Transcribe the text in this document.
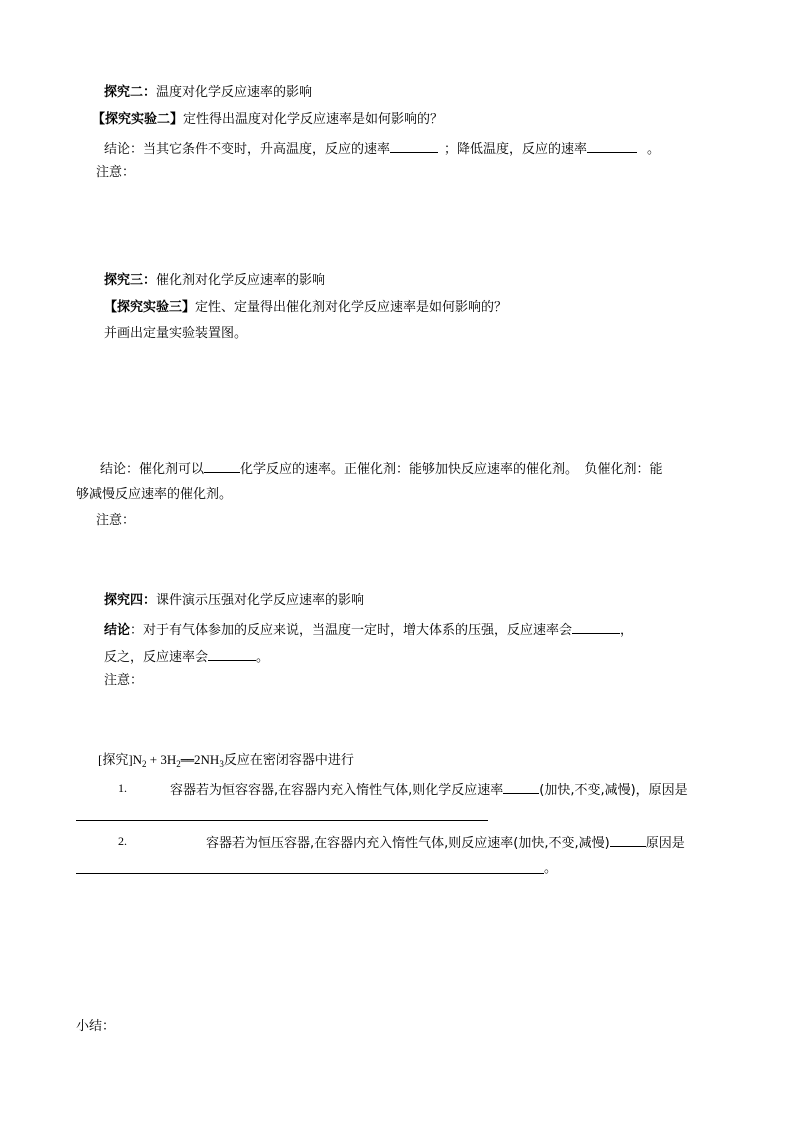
探究二：温度对化学反应速率的影响
【探究实验二】定性得出温度对化学反应速率是如何影响的？
结论：当其它条件不变时，升高温度，反应的速率	；降低温度，反应的速率	。
注意：
探究三：催化剂对化学反应速率的影响
【探究实验三】定性、定量得出催化剂对化学反应速率是如何影响的？
并画出定量实验装置图。
结论：催化剂可以	化学反应的速率。正催化剂：能够加快反应速率的催化剂。　负催化剂：能
够减慢反应速率的催化剂。
注意：
探究四：课件演示压强对化学反应速率的影响
结论：对于有气体参加的反应来说，当温度一定时，增大体系的压强，反应速率会	，
反之，反应速率会	。
注意：
[探究]$N_2$ + $3H_2══2NH_3$反应在密闭容器中进行
1.	容器若为恒容容器,在容器内充入惰性气体,则化学反应速率	(加快,不变,减慢)，原因是
2.	容器若为恒压容器,在容器内充入惰性气体,则反应速率(加快,不变,减慢)	原因是
。
小结：
